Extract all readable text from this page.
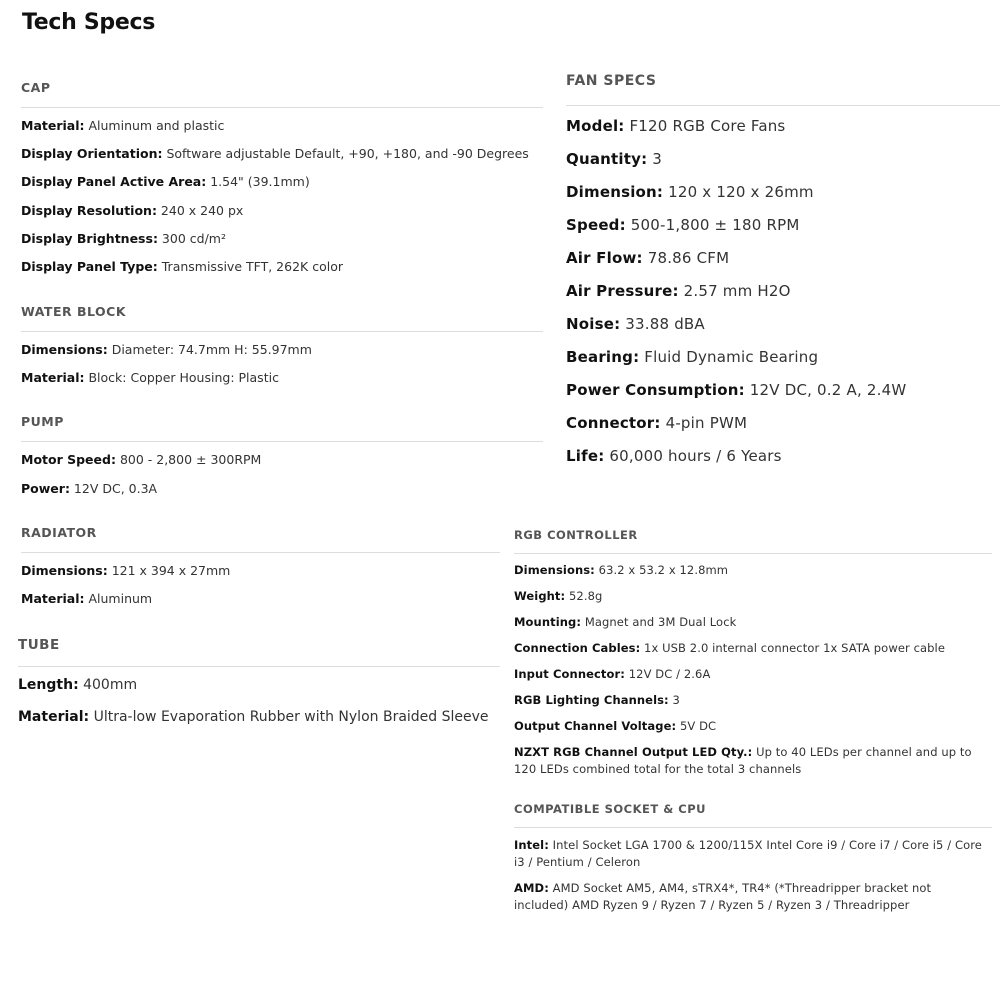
Tech Specs
CAP
Material: Aluminum and plastic
Display Orientation: Software adjustable Default, +90, +180, and -90 Degrees
Display Panel Active Area: 1.54" (39.1mm)
Display Resolution: 240 x 240 px
Display Brightness: 300 cd/m²
Display Panel Type: Transmissive TFT, 262K color
WATER BLOCK
Dimensions: Diameter: 74.7mm H: 55.97mm
Material: Block: Copper Housing: Plastic
PUMP
Motor Speed: 800 - 2,800 ± 300RPM
Power: 12V DC, 0.3A
RADIATOR
Dimensions: 121 x 394 x 27mm
Material: Aluminum
TUBE
Length: 400mm
Material: Ultra-low Evaporation Rubber with Nylon Braided Sleeve
FAN SPECS
Model: F120 RGB Core Fans
Quantity: 3
Dimension: 120 x 120 x 26mm
Speed: 500-1,800 ± 180 RPM
Air Flow: 78.86 CFM
Air Pressure: 2.57 mm H2O
Noise: 33.88 dBA
Bearing: Fluid Dynamic Bearing
Power Consumption: 12V DC, 0.2 A, 2.4W
Connector: 4-pin PWM
Life: 60,000 hours / 6 Years
RGB CONTROLLER
Dimensions: 63.2 x 53.2 x 12.8mm
Weight: 52.8g
Mounting: Magnet and 3M Dual Lock
Connection Cables: 1x USB 2.0 internal connector 1x SATA power cable
Input Connector: 12V DC / 2.6A
RGB Lighting Channels: 3
Output Channel Voltage: 5V DC
NZXT RGB Channel Output LED Qty.: Up to 40 LEDs per channel and up to 120 LEDs combined total for the total 3 channels
COMPATIBLE SOCKET & CPU
Intel: Intel Socket LGA 1700 & 1200/115X Intel Core i9 / Core i7 / Core i5 / Core i3 / Pentium / Celeron
AMD: AMD Socket AM5, AM4, sTRX4*, TR4* (*Threadripper bracket not included) AMD Ryzen 9 / Ryzen 7 / Ryzen 5 / Ryzen 3 / Threadripper
